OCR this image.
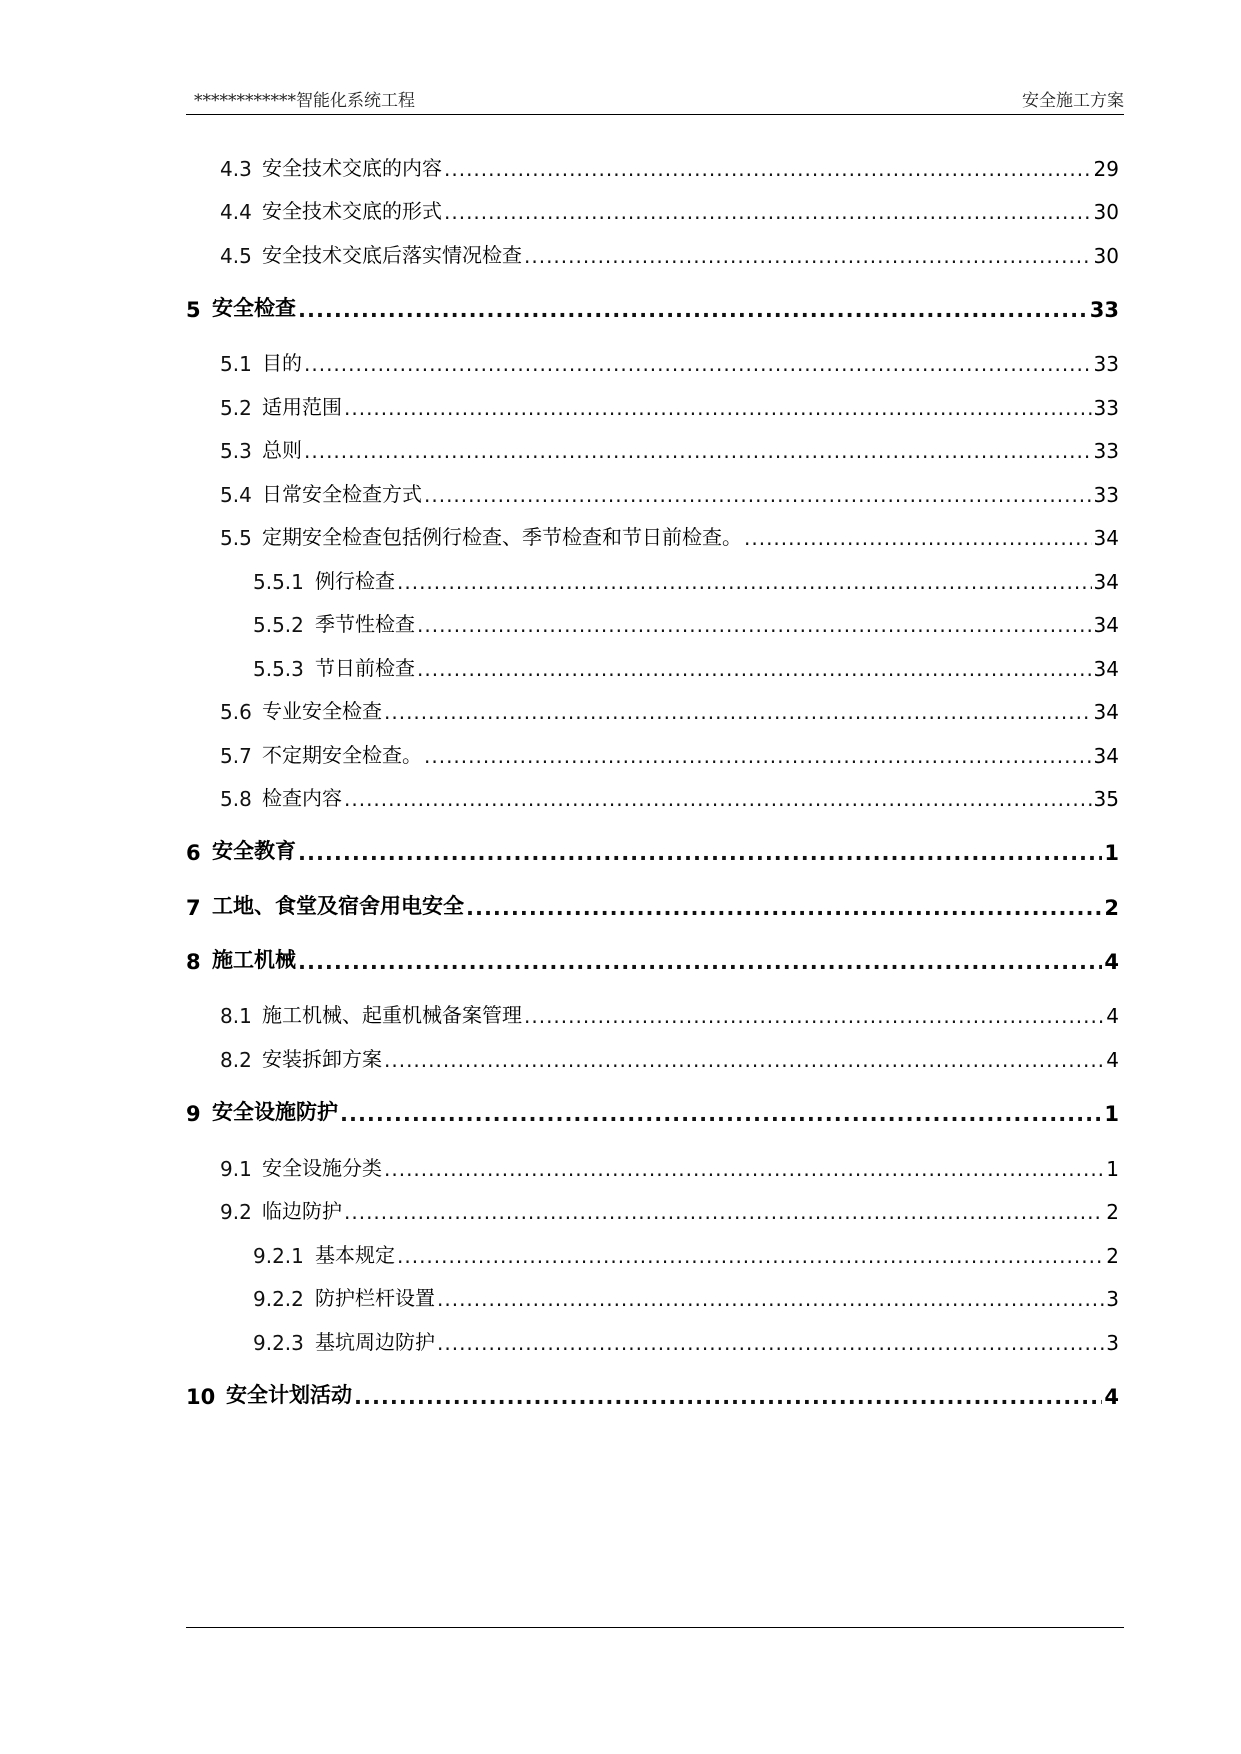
************智能化系统工程	安全施工方案
4.3 安全技术交底的内容 .....	29
4.4 安全技术交底的形式 .....	30
4.5 安全技术交底后落实情况检查 .....	30
5 安全检查 .....	33
5.1 目的 .....	33
5.2 适用范围 .....	33
5.3 总则 .....	33
5.4 日常安全检查方式 .....	33
5.5 定期安全检查包括例行检查、季节检查和节日前检查。 .....	34
5.5.1 例行检查 .....	34
5.5.2 季节性检查 .....	34
5.5.3 节日前检查 .....	34
5.6 专业安全检查 .....	34
5.7 不定期安全检查。 .....	34
5.8 检查内容 .....	35
6 安全教育 .....	1
7 工地、食堂及宿舍用电安全 .....	2
8 施工机械 .....	4
8.1 施工机械、起重机械备案管理 .....	4
8.2 安装拆卸方案 .....	4
9 安全设施防护 .....	1
9.1 安全设施分类 .....	1
9.2 临边防护 .....	2
9.2.1 基本规定 .....	2
9.2.2 防护栏杆设置 .....	3
9.2.3 基坑周边防护 .....	3
10 安全计划活动 .....	4
